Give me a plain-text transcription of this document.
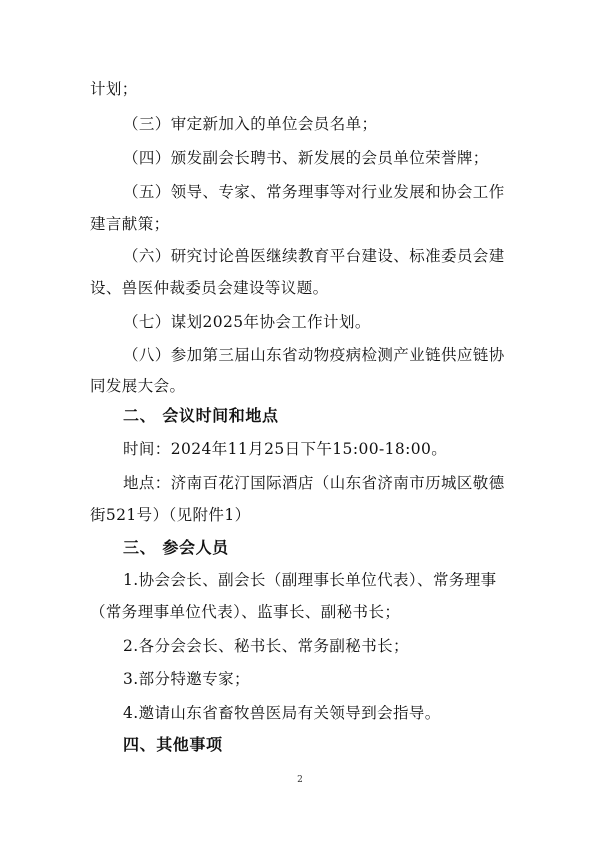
计划；
（三）审定新加入的单位会员名单；
（四）颁发副会长聘书、新发展的会员单位荣誉牌；
（五）领导、专家、常务理事等对行业发展和协会工作
建言献策；
（六）研究讨论兽医继续教育平台建设、标准委员会建
设、兽医仲裁委员会建设等议题。
（七）谋划2025年协会工作计划。
（八）参加第三届山东省动物疫病检测产业链供应链协
同发展大会。
二、 会议时间和地点
时间：2024年11月25日下午15:00-18:00。
地点：济南百花汀国际酒店（山东省济南市历城区敬德
街521号）（见附件1）
三、 参会人员
1.协会会长、副会长（副理事长单位代表）、常务理事
（常务理事单位代表）、监事长、副秘书长；
2.各分会会长、秘书长、常务副秘书长；
3.部分特邀专家；
4.邀请山东省畜牧兽医局有关领导到会指导。
四、其他事项
2
